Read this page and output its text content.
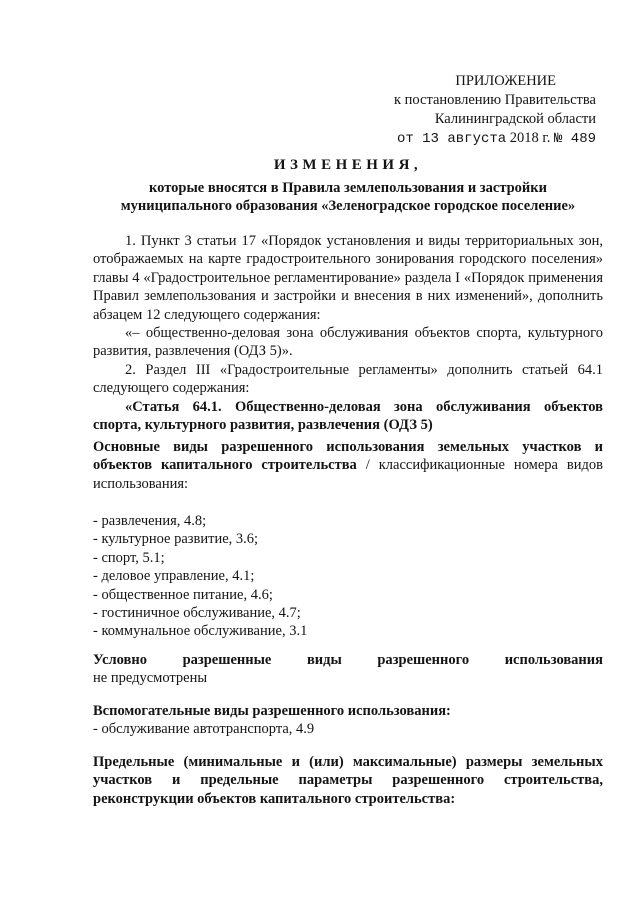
ПРИЛОЖЕНИЕ
к постановлению Правительства
Калининградской области
от 13 августа 2018 г. № 489
ИЗМЕНЕНИЯ,
которые вносятся в Правила землепользования и застройки
муниципального образования «Зеленоградское городское поселение»
1. Пункт 3 статьи 17 «Порядок установления и виды территориальных зон, отображаемых на карте градостроительного зонирования городского поселения» главы 4 «Градостроительное регламентирование» раздела I «Порядок применения Правил землепользования и застройки и внесения в них изменений», дополнить абзацем 12 следующего содержания:
«– общественно-деловая зона обслуживания объектов спорта, культурного развития, развлечения (ОДЗ 5)».
2. Раздел III «Градостроительные регламенты» дополнить статьей 64.1 следующего содержания:
«Статья 64.1. Общественно-деловая зона обслуживания объектов спорта, культурного развития, развлечения (ОДЗ 5)
Основные виды разрешенного использования земельных участков и объектов капитального строительства / классификационные номера видов использования:
- развлечения, 4.8;
- культурное развитие, 3.6;
- спорт, 5.1;
- деловое управление, 4.1;
- общественное питание, 4.6;
- гостиничное обслуживание, 4.7;
- коммунальное обслуживание, 3.1
Условно разрешенные виды разрешенного использования
не предусмотрены
Вспомогательные виды разрешенного использования:
- обслуживание автотранспорта, 4.9
Предельные (минимальные и (или) максимальные) размеры земельных участков и предельные параметры разрешенного строительства, реконструкции объектов капитального строительства:
